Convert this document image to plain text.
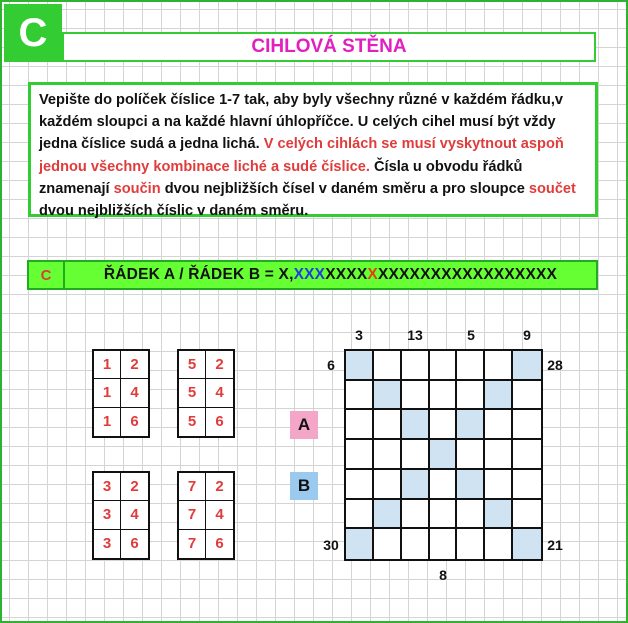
C	CIHLOVÁ STĚNA
Vepište do políček číslice 1-7 tak, aby byly všechny různé v každém řádku,v každém sloupci a na každé hlavní úhlopříčce. U celých cihel musí být vždy jedna číslice sudá a jedna lichá. V celých cihlách se musí vyskytnout aspoň jednou všechny kombinace liché a sudé číslice. Čísla u obvodu řádků znamenají součin dvou nejbližších čísel v daném směru a pro sloupce součet dvou nejbližších číslic v daném směru.
C	ŘÁDEK A / ŘÁDEK B = X, XXX XXXX X XXXXXXXXXXXXXXXXX
1	2
1	4
1	6
5	2
5	4
5	6
3	2
3	4
3	6
7	2
7	4
7	6
A
B
3	13	5	9
6	28
30	21
8
